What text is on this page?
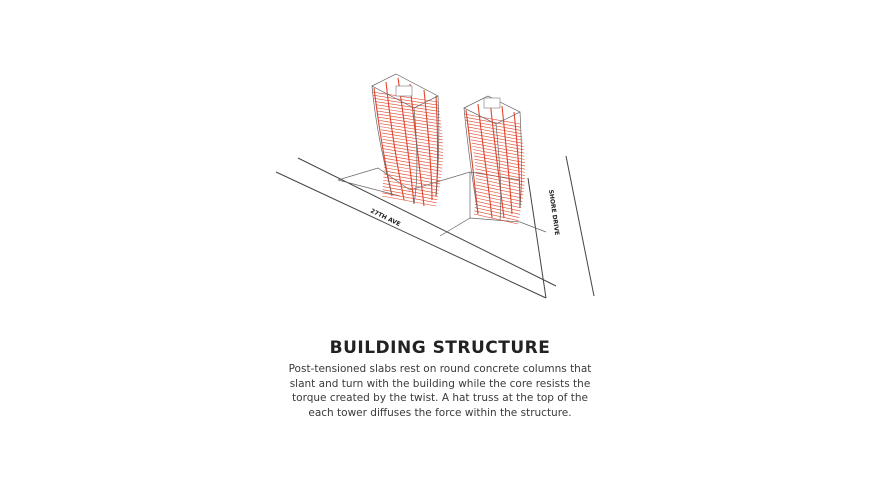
27TH AVE	SHORE DRIVE
BUILDING STRUCTURE
Post-tensioned slabs rest on round concrete columns that
slant and turn with the building while the core resists the
torque created by the twist. A hat truss at the top of the
each tower diffuses the force within the structure.
